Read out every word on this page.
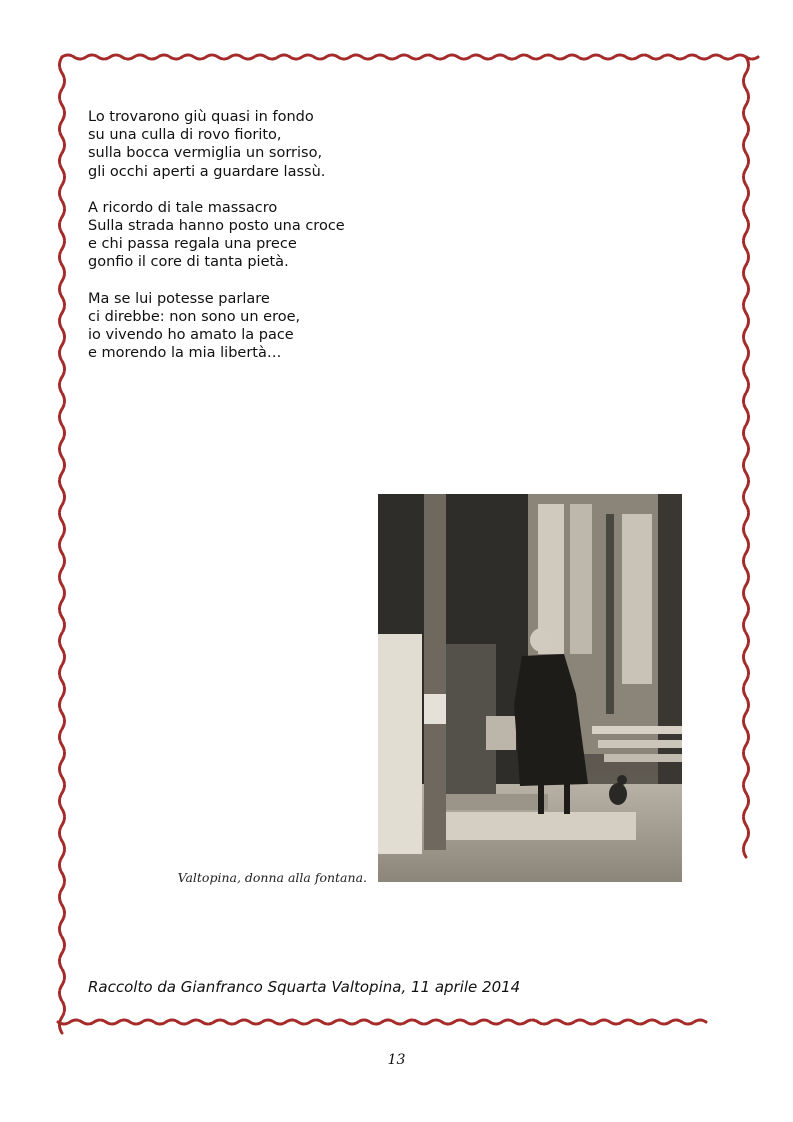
Lo trovarono giù quasi in fondo
su una culla di rovo fiorito,
sulla bocca vermiglia un sorriso,
gli occhi aperti a guardare lassù.

A ricordo di tale massacro
Sulla strada hanno posto una croce
e chi passa regala una prece
gonfio il core di tanta pietà.

Ma se lui potesse parlare
ci direbbe: non sono un eroe,
io vivendo ho amato la pace
e morendo la mia libertà…

Valtopina, donna alla fontana.
Raccolto da Gianfranco Squarta Valtopina, 11 aprile 2014
13
